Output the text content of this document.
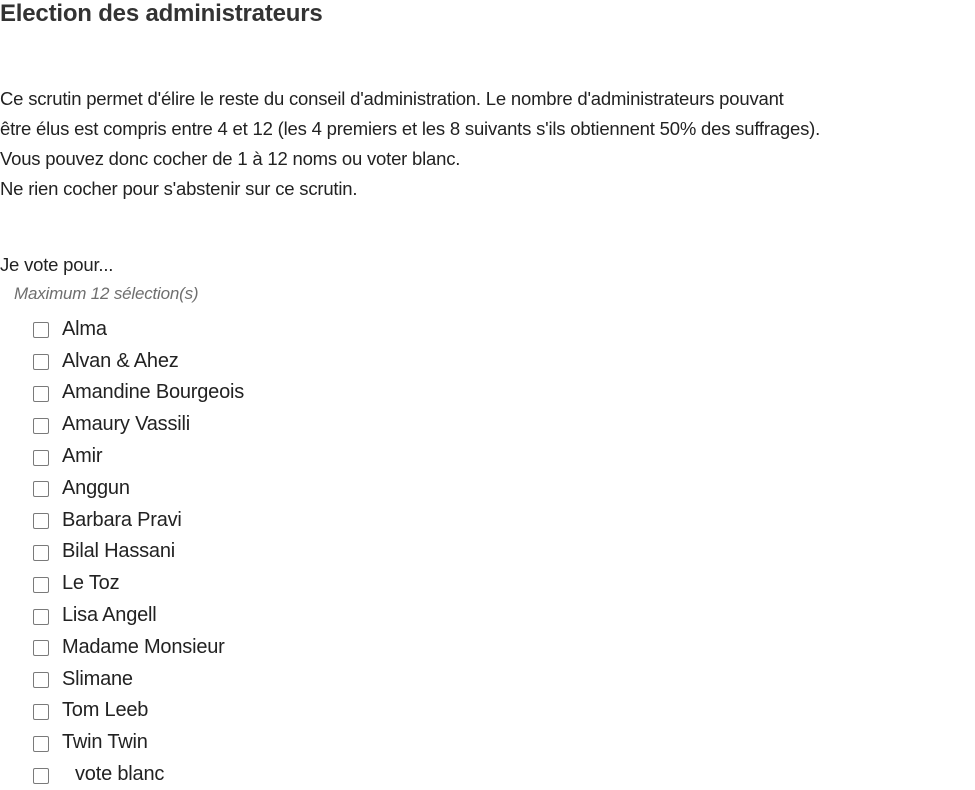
Election des administrateurs
Ce scrutin permet d'élire le reste du conseil d'administration. Le nombre d'administrateurs pouvant
être élus est compris entre 4 et 12 (les 4 premiers et les 8 suivants s'ils obtiennent 50% des suffrages).
Vous pouvez donc cocher de 1 à 12 noms ou voter blanc.
Ne rien cocher pour s'abstenir sur ce scrutin.
Je vote pour...
Maximum 12 sélection(s)
Alma
Alvan & Ahez
Amandine Bourgeois
Amaury Vassili
Amir
Anggun
Barbara Pravi
Bilal Hassani
Le Toz
Lisa Angell
Madame Monsieur
Slimane
Tom Leeb
Twin Twin
vote blanc
